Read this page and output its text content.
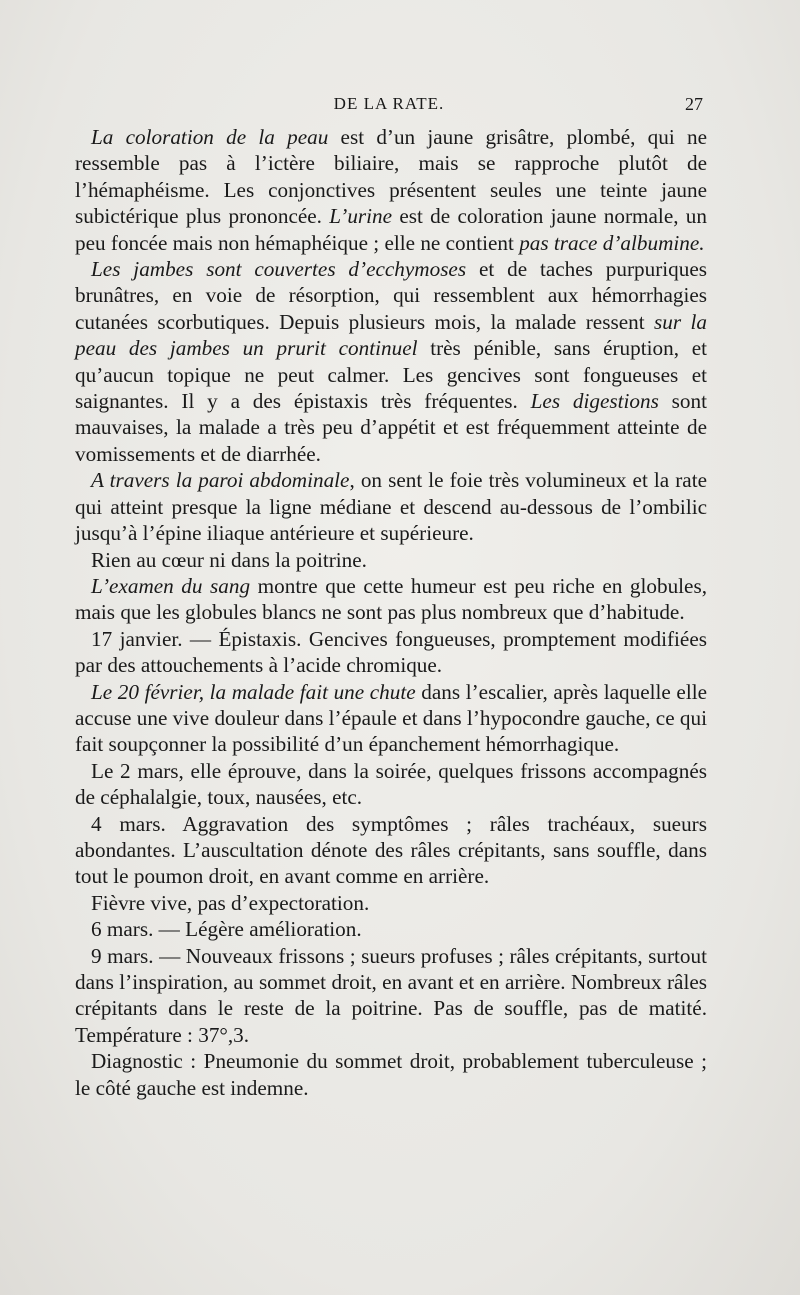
DE LA RATE.	27

La coloration de la peau est d’un jaune grisâtre, plombé, qui ne ressemble pas à l’ictère biliaire, mais se rapproche plutôt de l’hémaphéisme. Les conjonctives présentent seules une teinte jaune subictérique plus prononcée. L’urine est de coloration jaune normale, un peu foncée mais non hémaphéique ; elle ne contient pas trace d’albumine.

Les jambes sont couvertes d’ecchymoses et de taches purpuriques brunâtres, en voie de résorption, qui ressemblent aux hémorrhagies cutanées scorbutiques. Depuis plusieurs mois, la malade ressent sur la peau des jambes un prurit continuel très pénible, sans éruption, et qu’aucun topique ne peut calmer. Les gencives sont fongueuses et saignantes. Il y a des épistaxis très fréquentes. Les digestions sont mauvaises, la malade a très peu d’appétit et est fréquemment atteinte de vomissements et de diarrhée.

A travers la paroi abdominale, on sent le foie très volumineux et la rate qui atteint presque la ligne médiane et descend au-dessous de l’ombilic jusqu’à l’épine iliaque antérieure et supérieure.

Rien au cœur ni dans la poitrine.

L’examen du sang montre que cette humeur est peu riche en globules, mais que les globules blancs ne sont pas plus nombreux que d’habitude.

17 janvier. — Épistaxis. Gencives fongueuses, promptement modifiées par des attouchements à l’acide chromique.

Le 20 février, la malade fait une chute dans l’escalier, après laquelle elle accuse une vive douleur dans l’épaule et dans l’hypocondre gauche, ce qui fait soupçonner la possibilité d’un épanchement hémorrhagique.

Le 2 mars, elle éprouve, dans la soirée, quelques frissons accompagnés de céphalalgie, toux, nausées, etc.

4 mars. Aggravation des symptômes ; râles trachéaux, sueurs abondantes. L’auscultation dénote des râles crépitants, sans souffle, dans tout le poumon droit, en avant comme en arrière.

Fièvre vive, pas d’expectoration.

6 mars. — Légère amélioration.

9 mars. — Nouveaux frissons ; sueurs profuses ; râles crépitants, surtout dans l’inspiration, au sommet droit, en avant et en arrière. Nombreux râles crépitants dans le reste de la poitrine. Pas de souffle, pas de matité. Température : 37°,3.

Diagnostic : Pneumonie du sommet droit, probablement tuberculeuse ; le côté gauche est indemne.
